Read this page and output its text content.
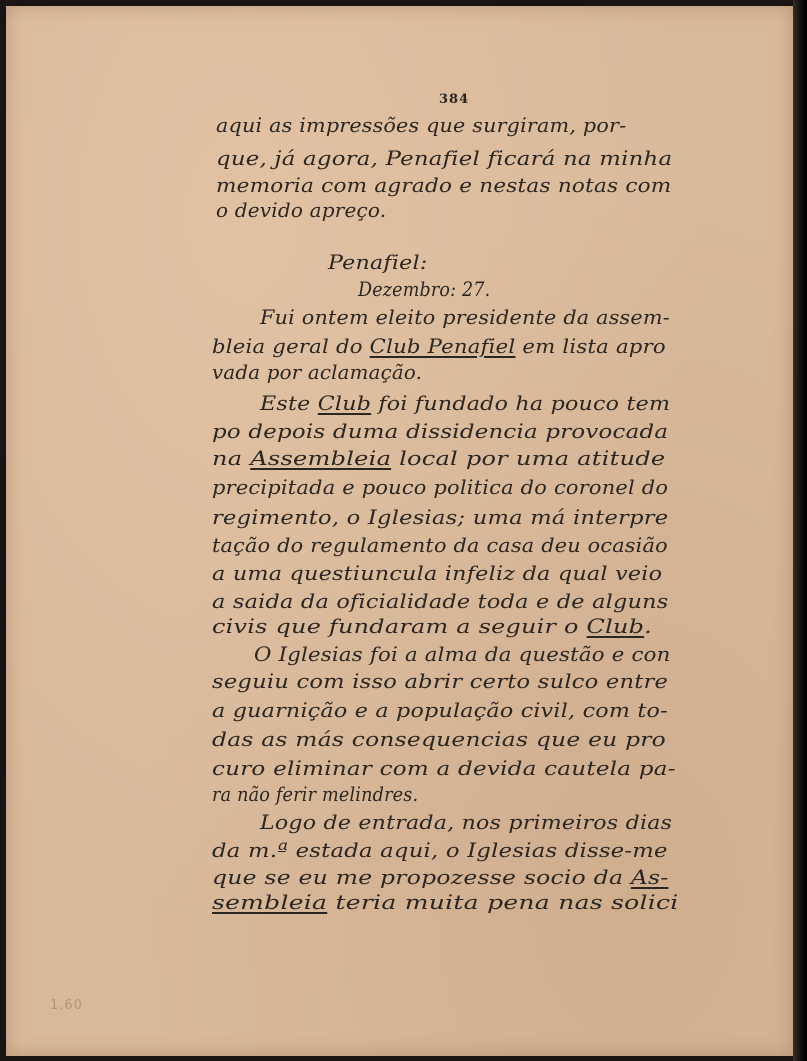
384
aqui as impressões que surgiram, por-
que, já agora, Penafiel ficará na minha
memoria com agrado e nestas notas com
o devido apreço.
Penafiel:
Dezembro: 27.
Fui ontem eleito presidente da assem-
bleia geral do Club Penafiel em lista apro
vada por aclamação.
Este Club foi fundado ha pouco tem
po depois duma dissidencia provocada
na Assembleia local por uma atitude
precipitada e pouco politica do coronel do
regimento, o Iglesias; uma má interpre
tação do regulamento da casa deu ocasião
a uma questiuncula infeliz da qual veio
a saida da oficialidade toda e de alguns
civis que fundaram a seguir o Club.
O Iglesias foi a alma da questão e con
seguiu com isso abrir certo sulco entre
a guarnição e a população civil, com to-
das as más consequencias que eu pro
curo eliminar com a devida cautela pa-
ra não ferir melindres.
Logo de entrada, nos primeiros dias
da m.ª estada aqui, o Iglesias disse-me
que se eu me propozesse socio da As-
sembleia teria muita pena nas solici
1,60
